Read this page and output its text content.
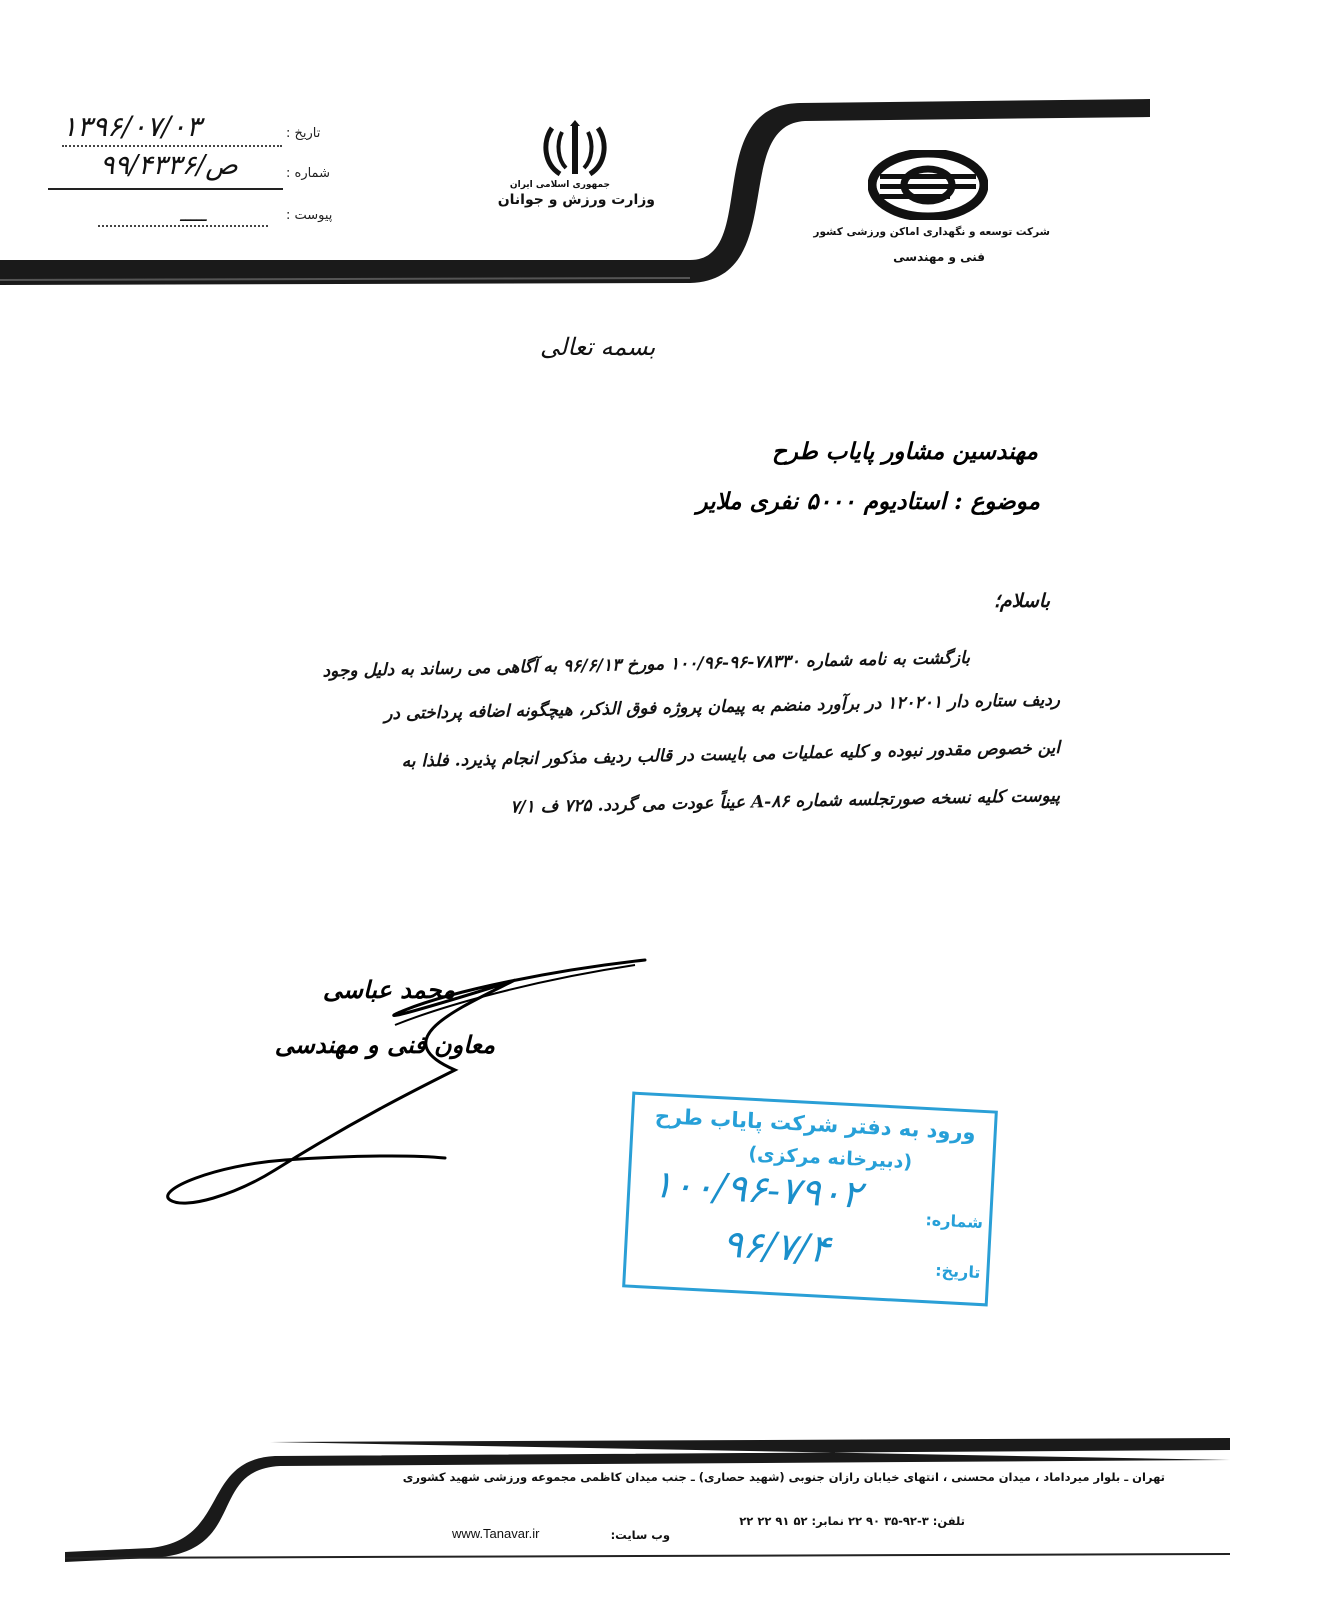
شرکت توسعه و نگهداری اماکن ورزشی کشور
فنی و مهندسی
جمهوری اسلامی ایران
وزارت ورزش و جوانان
تاریخ :
۱۳۹۶/۰۷/۰۳
شماره :
۹۹/۴۳۳۶/ص
پیوست :
ـــــ
بسمه تعالی
مهندسین مشاور پایاب طرح
موضوع : استادیوم ۵۰۰۰ نفری ملایر
باسلام؛
بازگشت به نامه شماره ۷۸۳۳۰-۹۶-۱۰۰/۹۶ مورخ ۹۶/۶/۱۳ به آگاهی می رساند به دلیل وجود
ردیف ستاره دار ۱۲۰۲۰۱ در برآورد منضم به پیمان پروژه فوق الذکر، هیچگونه اضافه پرداختی در
این خصوص مقدور نبوده و کلیه عملیات می بایست در قالب ردیف مذکور انجام پذیرد. فلذا به
پیوست کلیه نسخه صورتجلسه شماره ۸۶-A عیناً عودت می گردد. ۷۲۵ ف ۷/۱
محمد عباسی
معاون فنی و مهندسی
ورود به دفتر شرکت پایاب طرح
(دبیرخانه مرکزی)
شماره:
۱۰۰/۹۶-۷۹۰۲
تاریخ:
۹۶/۷/۴
تهران ـ بلوار میرداماد ، میدان محسنی ، انتهای خیابان رازان جنوبی (شهید حصاری) ـ جنب میدان کاظمی مجموعه ورزشی شهید کشوری
تلفن: ۳-۹۲-۳۵ ۹۰ ۲۲ نمابر: ۵۲ ۹۱ ۲۲ ۲۲
وب سایت:
www.Tanavar.ir
